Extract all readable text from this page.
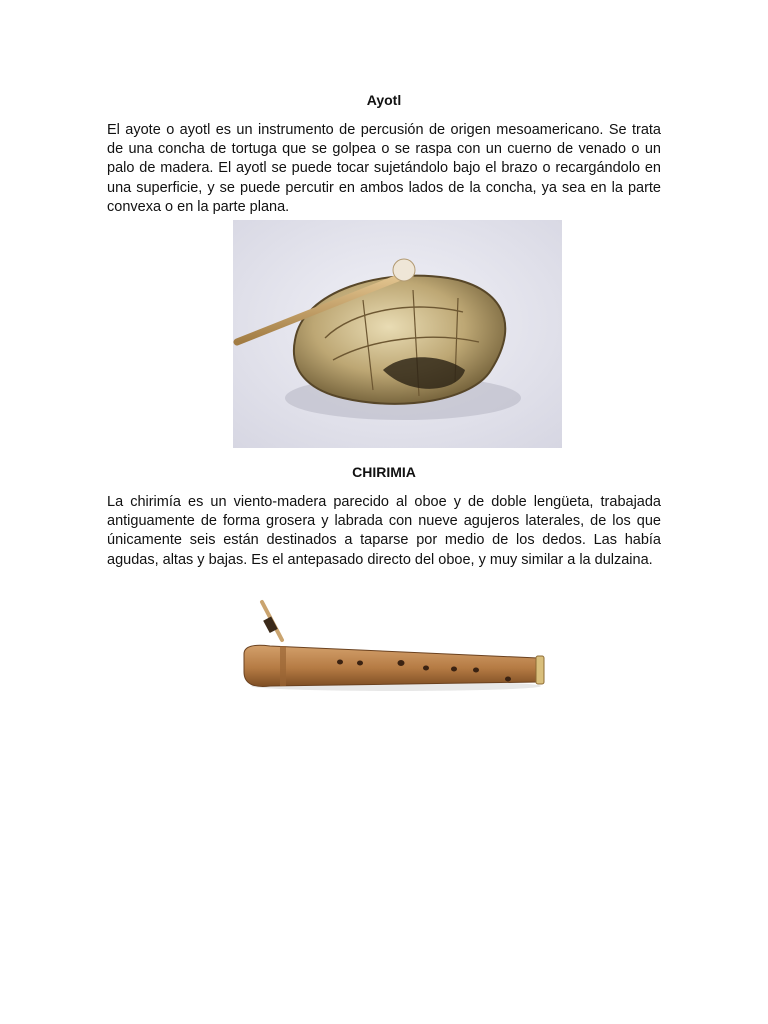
Ayotl

El ayote o ayotl es un instrumento de percusión de origen mesoamericano. Se trata de una concha de tortuga que se golpea o se raspa con un cuerno de venado o un palo de madera. El ayotl se puede tocar sujetándolo bajo el brazo o recargándolo en una superficie, y se puede percutir en ambos lados de la concha, ya sea en la parte convexa o en la parte plana.

CHIRIMIA

La chirimía es un viento-madera parecido al oboe y de doble lengüeta, trabajada antiguamente de forma grosera y labrada con nueve agujeros laterales, de los que únicamente seis están destinados a taparse por medio de los dedos. Las había agudas, altas y bajas. Es el antepasado directo del oboe, y muy similar a la dulzaina.
